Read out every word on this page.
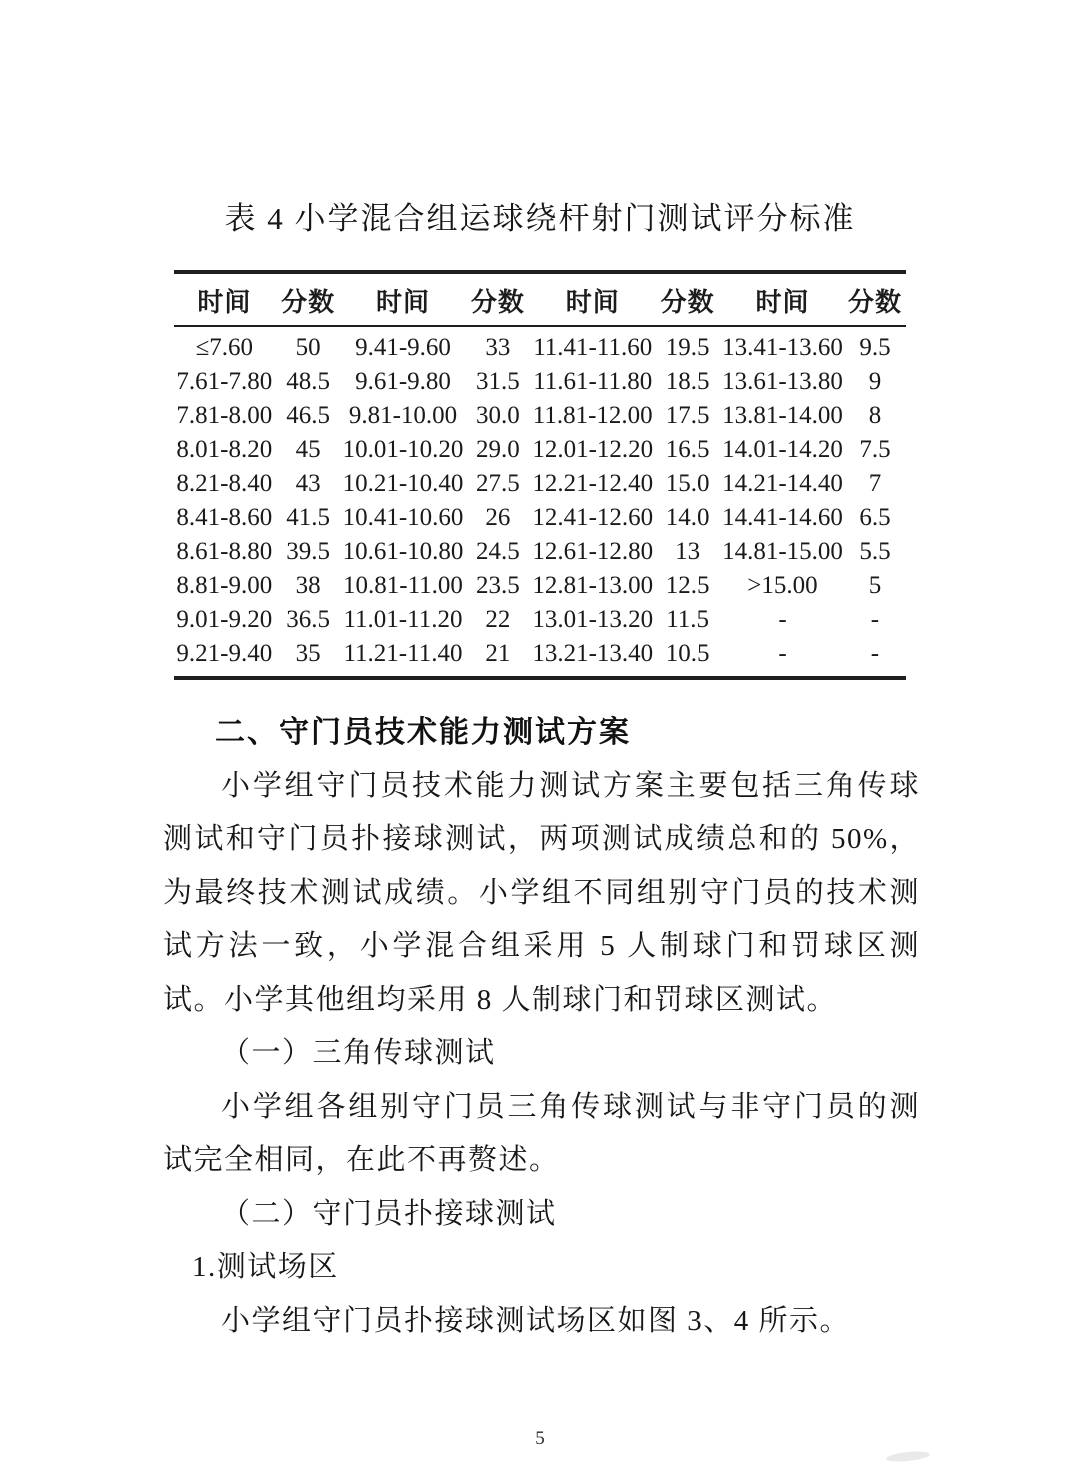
表 4 小学混合组运球绕杆射门测试评分标准
时间	分数	时间	分数	时间	分数	时间	分数
≤7.60	50	9.41-9.60	33	11.41-11.60	19.5	13.41-13.60	9.5
7.61-7.80	48.5	9.61-9.80	31.5	11.61-11.80	18.5	13.61-13.80	9
7.81-8.00	46.5	9.81-10.00	30.0	11.81-12.00	17.5	13.81-14.00	8
8.01-8.20	45	10.01-10.20	29.0	12.01-12.20	16.5	14.01-14.20	7.5
8.21-8.40	43	10.21-10.40	27.5	12.21-12.40	15.0	14.21-14.40	7
8.41-8.60	41.5	10.41-10.60	26	12.41-12.60	14.0	14.41-14.60	6.5
8.61-8.80	39.5	10.61-10.80	24.5	12.61-12.80	13	14.81-15.00	5.5
8.81-9.00	38	10.81-11.00	23.5	12.81-13.00	12.5	>15.00	5
9.01-9.20	36.5	11.01-11.20	22	13.01-13.20	11.5	-	-
9.21-9.40	35	11.21-11.40	21	13.21-13.40	10.5	-	-
二、守门员技术能力测试方案

小学组守门员技术能力测试方案主要包括三角传球测试和守门员扑接球测试，两项测试成绩总和的 50%，为最终技术测试成绩。小学组不同组别守门员的技术测试方法一致，小学混合组采用 5 人制球门和罚球区测试。小学其他组均采用 8 人制球门和罚球区测试。

（一）三角传球测试

小学组各组别守门员三角传球测试与非守门员的测试完全相同，在此不再赘述。

（二）守门员扑接球测试

1.测试场区

小学组守门员扑接球测试场区如图 3、4 所示。

5
